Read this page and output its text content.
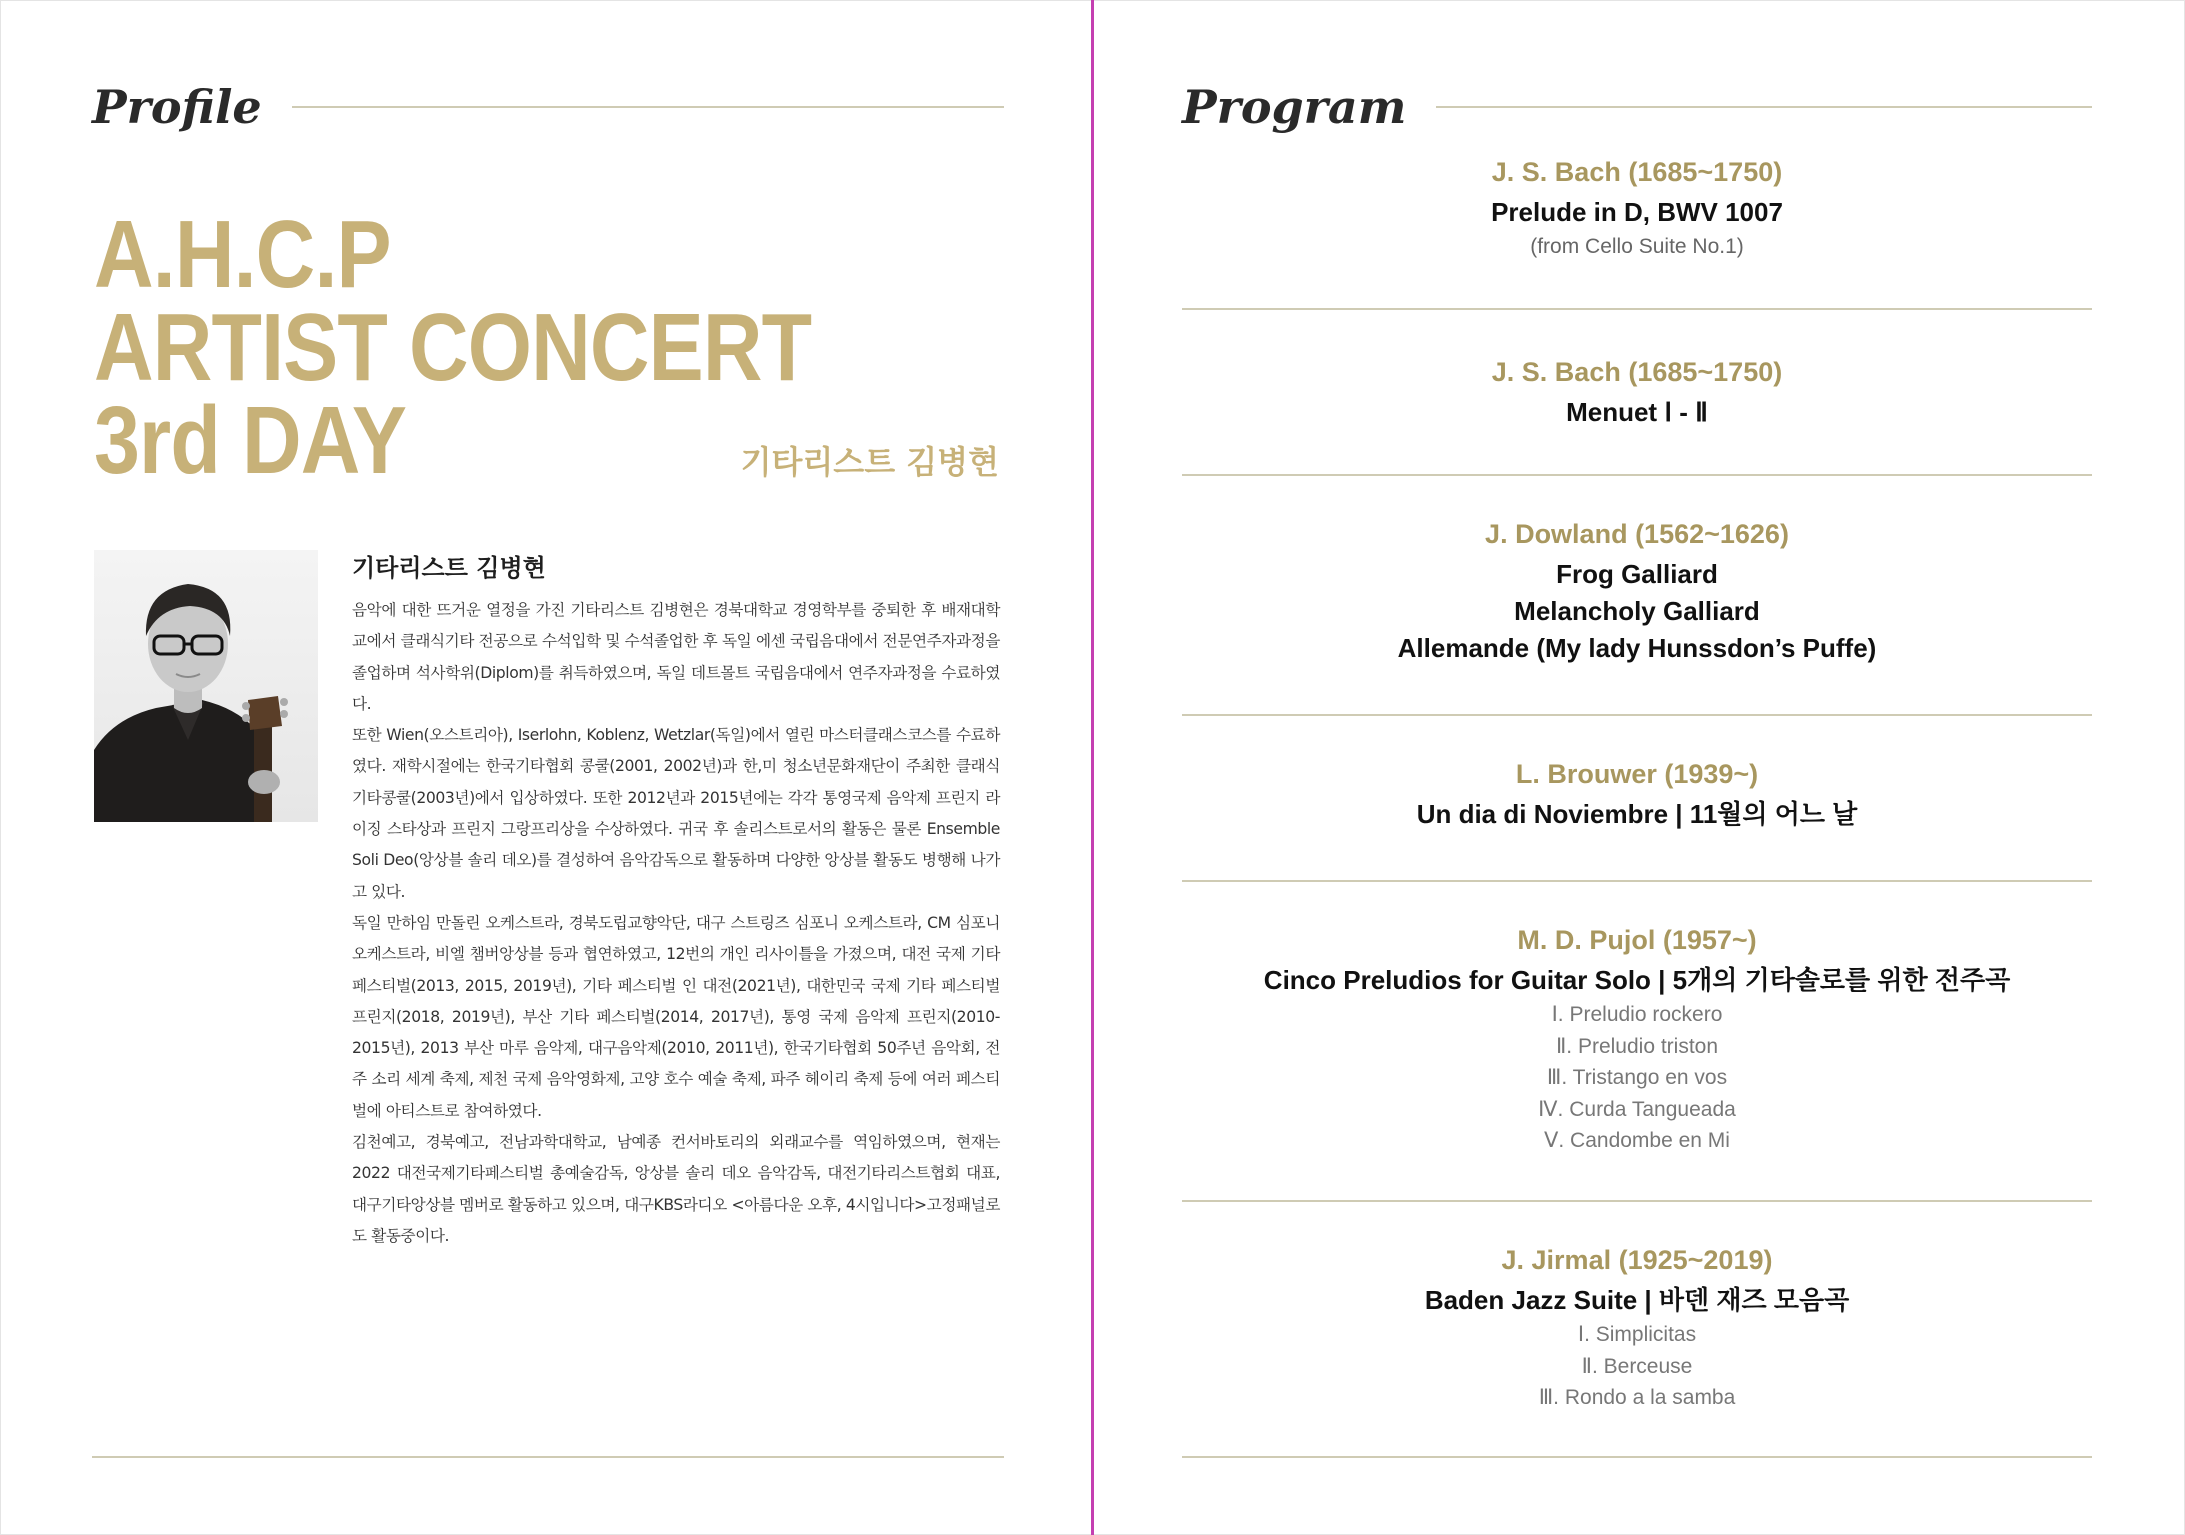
Profile
A.H.C.P
ARTIST CONCERT
3rd DAY	기타리스트 김병현
기타리스트 김병현

음악에 대한 뜨거운 열정을 가진 기타리스트 김병현은 경북대학교 경영학부를 중퇴한 후 배재대학교에서 클래식기타 전공으로 수석입학 및 수석졸업한 후 독일 에센 국립음대에서 전문연주자과정을 졸업하며 석사학위(Diplom)를 취득하였으며, 독일 데트몰트 국립음대에서 연주자과정을 수료하였다.

또한 Wien(오스트리아), Iserlohn, Koblenz, Wetzlar(독일)에서 열린 마스터클래스코스를 수료하였다. 재학시절에는 한국기타협회 콩쿨(2001, 2002년)과 한,미 청소년문화재단이 주최한 클래식기타콩쿨(2003년)에서 입상하였다. 또한 2012년과 2015년에는 각각 통영국제 음악제 프린지 라이징 스타상과 프린지 그랑프리상을 수상하였다. 귀국 후 솔리스트로서의 활동은 물론 Ensemble Soli Deo(앙상블 솔리 데오)를 결성하여 음악감독으로 활동하며 다양한 앙상블 활동도 병행해 나가고 있다.

독일 만하임 만돌린 오케스트라, 경북도립교향악단, 대구 스트링즈 심포니 오케스트라, CM 심포니 오케스트라, 비엘 챔버앙상블 등과 협연하였고, 12번의 개인 리사이틀을 가졌으며, 대전 국제 기타 페스티벌(2013, 2015, 2019년), 기타 페스티벌 인 대전(2021년), 대한민국 국제 기타 페스티벌 프린지(2018, 2019년), 부산 기타 페스티벌(2014, 2017년), 통영 국제 음악제 프린지(2010-2015년), 2013 부산 마루 음악제, 대구음악제(2010, 2011년), 한국기타협회 50주년 음악회, 전주 소리 세계 축제, 제천 국제 음악영화제, 고양 호수 예술 축제, 파주 헤이리 축제 등에 여러 페스티벌에 아티스트로 참여하였다.

김천예고, 경북예고, 전남과학대학교, 남예종 컨서바토리의 외래교수를 역임하였으며, 현재는 2022 대전국제기타페스티벌 총예술감독, 앙상블 솔리 데오 음악감독, 대전기타리스트협회 대표, 대구기타앙상블 멤버로 활동하고 있으며, 대구KBS라디오 <아름다운 오후, 4시입니다>고정패널로도 활동중이다.

Program
J. S. Bach (1685~1750)
Prelude in D, BWV 1007
(from Cello Suite No.1)
J. S. Bach (1685~1750)
Menuet Ⅰ - Ⅱ
J. Dowland (1562~1626)
Frog Galliard
Melancholy Galliard
Allemande (My lady Hunssdon’s Puffe)
L. Brouwer (1939~)
Un dia di Noviembre | 11월의 어느 날
M. D. Pujol (1957~)
Cinco Preludios for Guitar Solo | 5개의 기타솔로를 위한 전주곡
Ⅰ. Preludio rockero
Ⅱ. Preludio triston
Ⅲ. Tristango en vos
Ⅳ. Curda Tangueada
Ⅴ. Candombe en Mi
J. Jirmal (1925~2019)
Baden Jazz Suite | 바덴 재즈 모음곡
Ⅰ. Simplicitas
Ⅱ. Berceuse
Ⅲ. Rondo a la samba
